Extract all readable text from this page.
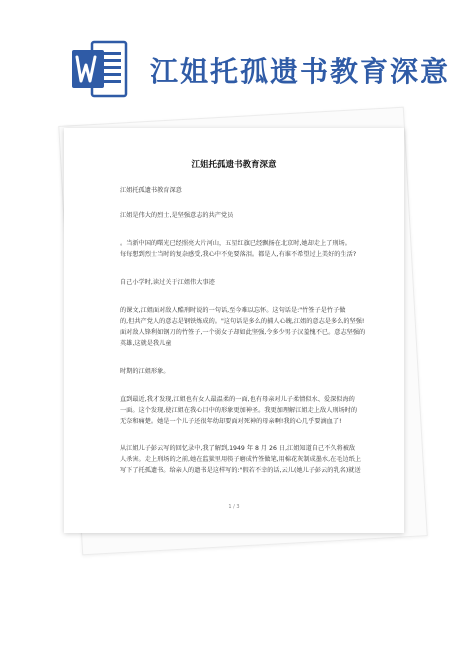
江姐托孤遗书教育深意
江姐托孤遗书教育深意
江姐托孤遗书教育深意
江姐是伟大的烈士,是坚强意志的共产党员
。当新中国的曙光已经照亮大片河山，五星红旗已经飘扬在北京时,她却走上了刑场。
每每想到烈士当时的复杂感受,我心中不免要落泪。都是人,有谁不希望过上美好的生活?
自己小学时,读过关于江姐伟大事迹
的课文,江姐面对敌人酷刑时说的一句话,至今难以忘怀。这句话是:"竹签子是竹子做
的,但共产党人的意志是钢铁炼成的。"这句话是多么的捕人心魄,江姐的意志是多么的坚强!
面对敌人锋利如钢刀的竹签子,一个弱女子却如此坚强,令多少男子汉羞愧不已。意志坚强的
英雄,这就是我儿童
时期的江姐形象。
直到最近,我才发现,江姐也有女人最温柔的一面,也有母亲对儿子柔情似水、爱深似海的
一面。这个发现,使江姐在我心目中的形象更加神圣。我更加理解江姐走上敌人刑场时的
无奈和痛楚。她是一个儿子还很年幼却要面对死神的母亲啊!我的心几乎要滴血了!
从江姐儿子彭云写的回忆录中,我了解到,1949 年 8 月 26 日,江姐知道自己不久将被敌
人杀害。走上刑场的之前,她在监狱里用筷子磨成竹签做笔,用棉花灰制成墨水,在毛边纸上
写下了托孤遗书。给亲人的遗书是这样写的:"假若不幸的话,云儿(她儿子彭云的乳名)就送
1 / 3
